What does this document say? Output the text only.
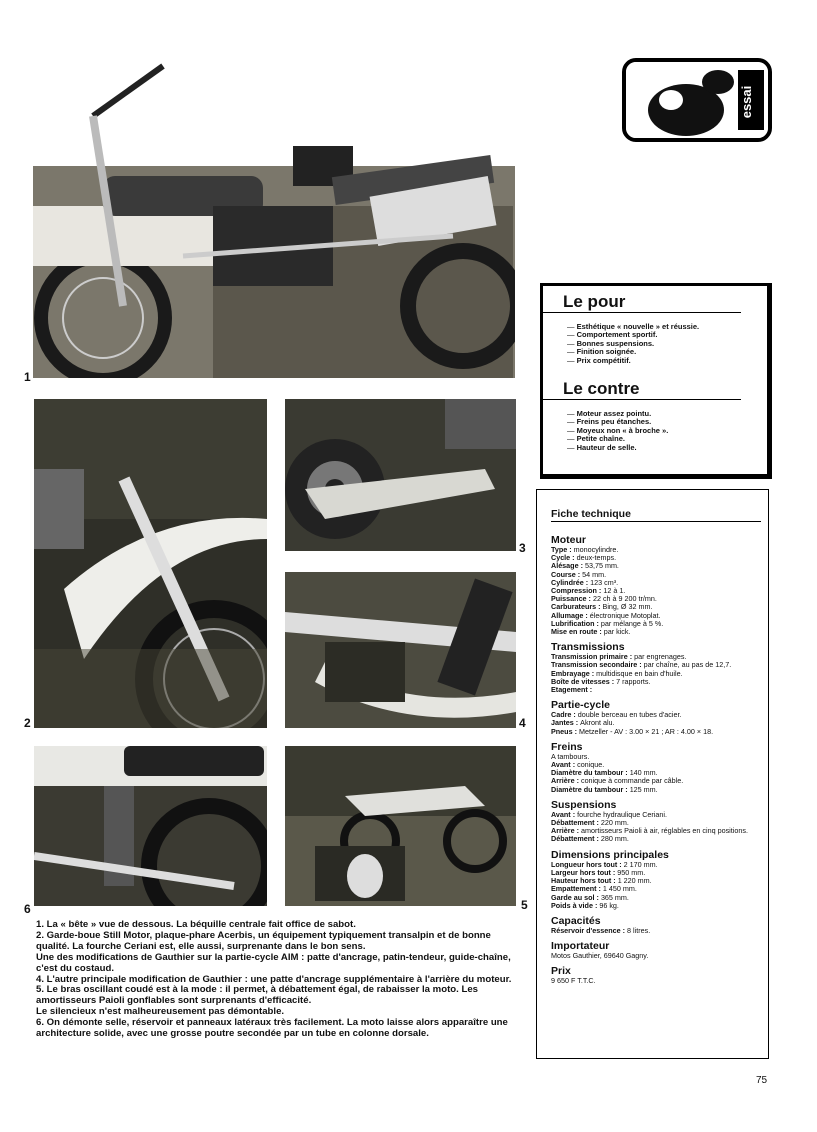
1
essai
Le pour
— Esthétique « nouvelle » et réussie.
— Comportement sportif.
— Bonnes suspensions.
— Finition soignée.
— Prix compétitif.
Le contre
— Moteur assez pointu.
— Freins peu étanches.
— Moyeux non « à broche ».
— Petite chaîne.
— Hauteur de selle.
2
3
4
6	5
Fiche technique
Moteur
Type : monocylindre.
Cycle : deux-temps.
Alésage : 53,75 mm.
Course : 54 mm.
Cylindrée : 123 cm³.
Compression : 12 à 1.
Puissance : 22 ch à 9 200 tr/mn.
Carburateurs : Bing, Ø 32 mm.
Allumage : électronique Motoplat.
Lubrification : par mélange à 5 %.
Mise en route : par kick.
Transmissions
Transmission primaire : par engrenages.
Transmission secondaire : par chaîne, au pas de 12,7.
Embrayage : multidisque en bain d'huile.
Boîte de vitesses : 7 rapports.
Etagement :
Partie-cycle
Cadre : double berceau en tubes d'acier.
Jantes : Akront alu.
Pneus : Metzeller - AV : 3.00 × 21 ; AR : 4.00 × 18.
Freins
A tambours.
Avant : conique.
Diamètre du tambour : 140 mm.
Arrière : conique à commande par câble.
Diamètre du tambour : 125 mm.
Suspensions
Avant : fourche hydraulique Ceriani.
Débattement : 220 mm.
Arrière : amortisseurs Paioli à air, réglables en cinq positions.
Débattement : 280 mm.
Dimensions principales
Longueur hors tout : 2 170 mm.
Largeur hors tout : 950 mm.
Hauteur hors tout : 1 220 mm.
Empattement : 1 450 mm.
Garde au sol : 365 mm.
Poids à vide : 96 kg.
Capacités
Réservoir d'essence : 8 litres.
Importateur
Motos Gauthier, 69640 Gagny.
Prix
9 650 F T.T.C.

1. La « bête » vue de dessous. La béquille centrale fait office de sabot.

2. Garde-boue Still Motor, plaque-phare Acerbis, un équipement typiquement transalpin et de bonne qualité. La fourche Ceriani est, elle aussi, surprenante dans le bon sens.

Une des modifications de Gauthier sur la partie-cycle AIM : patte d'ancrage, patin-tendeur, guide-chaîne, c'est du costaud.

4. L'autre principale modification de Gauthier : une patte d'ancrage supplémentaire à l'arrière du moteur.

5. Le bras oscillant coudé est à la mode : il permet, à débattement égal, de rabaisser la moto. Les amortisseurs Paioli gonflables sont surprenants d'efficacité.

Le silencieux n'est malheureusement pas démontable.

6. On démonte selle, réservoir et panneaux latéraux très facilement. La moto laisse alors apparaître une architecture solide, avec une grosse poutre secondée par un tube en colonne dorsale.

75
